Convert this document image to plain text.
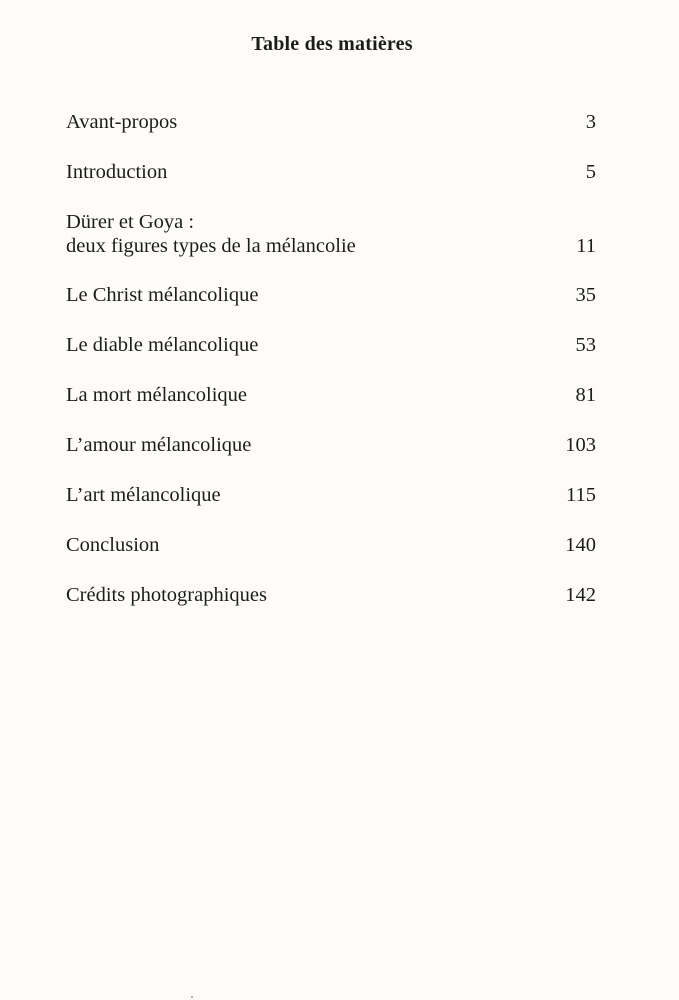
Table des matières
Avant-propos	3
Introduction	5
Dürer et Goya :
deux figures types de la mélancolie	11
Le Christ mélancolique	35
Le diable mélancolique	53
La mort mélancolique	81
L’amour mélancolique	103
L’art mélancolique	115
Conclusion	140
Crédits photographiques	142
